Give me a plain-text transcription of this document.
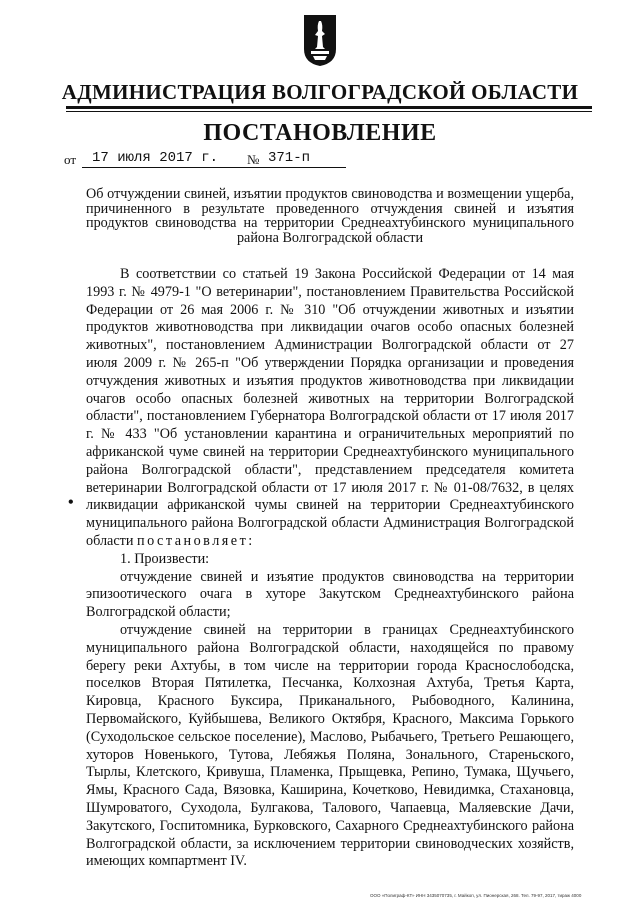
АДМИНИСТРАЦИЯ ВОЛГОГРАДСКОЙ ОБЛАСТИ
ПОСТАНОВЛЕНИЕ
от 17 июля 2017 г. № 371-п
Об отчуждении свиней, изъятии продуктов свиноводства и возмещении ущерба, причиненного в результате проведенного отчуждения свиней и изъятия продуктов свиноводства на территории Среднеахтубинского муниципального района Волгоградской области
•

В соответствии со статьей 19 Закона Российской Федерации от 14 мая 1993 г. № 4979-1 "О ветеринарии", постановлением Правительства Российской Федерации от 26 мая 2006 г. № 310 "Об отчуждении животных и изъятии продуктов животноводства при ликвидации очагов особо опасных болезней животных", постановлением Администрации Волгоградской области от 27 июля 2009 г. № 265-п "Об утверждении Порядка организации и проведения отчуждения животных и изъятия продуктов животноводства при ликвидации очагов особо опасных болезней животных на территории Волгоградской области", постановлением Губернатора Волгоградской области от 17 июля 2017 г. № 433 "Об установлении карантина и ограничительных мероприятий по африканской чуме свиней на территории Среднеахтубинского муниципального района Волгоградской области", представлением председателя комитета ветеринарии Волгоградской области от 17 июля 2017 г. № 01-08/7632, в целях ликвидации африканской чумы свиней на территории Среднеахтубинского муниципального района Волгоградской области Администрация Волгоградской области постановляет:

1. Произвести:

отчуждение свиней и изъятие продуктов свиноводства на территории эпизоотического очага в хуторе Закутском Среднеахтубинского района Волгоградской области;

отчуждение свиней на территории в границах Среднеахтубинского муниципального района Волгоградской области, находящейся по правому берегу реки Ахтубы, в том числе на территории города Краснослободска, поселков Вторая Пятилетка, Песчанка, Колхозная Ахтуба, Третья Карта, Кировца, Красного Буксира, Приканального, Рыбоводного, Калинина, Первомайского, Куйбышева, Великого Октября, Красного, Максима Горького (Суходольское сельское поселение), Маслово, Рыбачьего, Третьего Решающего, хуторов Новенького, Тутова, Лебяжья Поляна, Зонального, Стареньского, Тырлы, Клетского, Кривуша, Пламенка, Прыщевка, Репино, Тумака, Щучьего, Ямы, Красного Сада, Вязовка, Каширина, Кочетково, Невидимка, Стахановца, Шумроватого, Суходола, Булгакова, Талового, Чапаевца, Маляевские Дачи, Закутского, Госпитомника, Бурковского, Сахарного Среднеахтубинского района Волгоградской области, за исключением территории свиноводческих хозяйств, имеющих компартмент IV.

ООО «Полиграф-КТ» ИНН 3435070735, г. Майкоп, ул. Пионерская, 268. Тел. 79-97, 2017, тираж 4000
